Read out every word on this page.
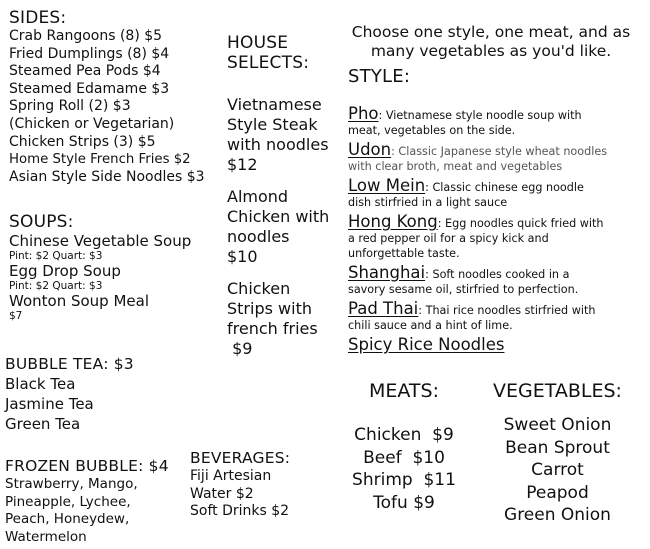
SIDES:
Crab Rangoons (8) $5
Fried Dumplings (8) $4
Steamed Pea Pods $4
Steamed Edamame $3
Spring Roll (2) $3
(Chicken or Vegetarian)
Chicken Strips (3) $5
Home Style French Fries $2
Asian Style Side Noodles $3
SOUPS:
Chinese Vegetable Soup
Pint: $2 Quart: $3
Egg Drop Soup
Pint: $2 Quart: $3
Wonton Soup Meal
$7
BUBBLE TEA: $3
Black Tea
Jasmine Tea
Green Tea
FROZEN BUBBLE: $4
Strawberry, Mango,
Pineapple, Lychee,
Peach, Honeydew,
Watermelon
HOUSE
SELECTS:
Vietnamese
Style Steak
with noodles
$12
Almond
Chicken with
noodles
$10
Chicken
Strips with
french fries
$9
BEVERAGES:
Fiji Artesian
Water $2
Soft Drinks $2
Choose one style, one meat, and as
many vegetables as you'd like.
STYLE:
Pho: Vietnamese style noodle soup with
meat, vegetables on the side.
Udon: Classic Japanese style wheat noodles
with clear broth, meat and vegetables
Low Mein: Classic chinese egg noodle
dish stirfried in a light sauce
Hong Kong: Egg noodles quick fried with
a red pepper oil for a spicy kick and
unforgettable taste.
Shanghai: Soft noodles cooked in a
savory sesame oil, stirfried to perfection.
Pad Thai: Thai rice noodles stirfried with
chili sauce and a hint of lime.
Spicy Rice Noodles
MEATS:
Chicken  $9
Beef  $10
Shrimp  $11
Tofu $9
VEGETABLES:
Sweet Onion
Bean Sprout
Carrot
Peapod
Green Onion
